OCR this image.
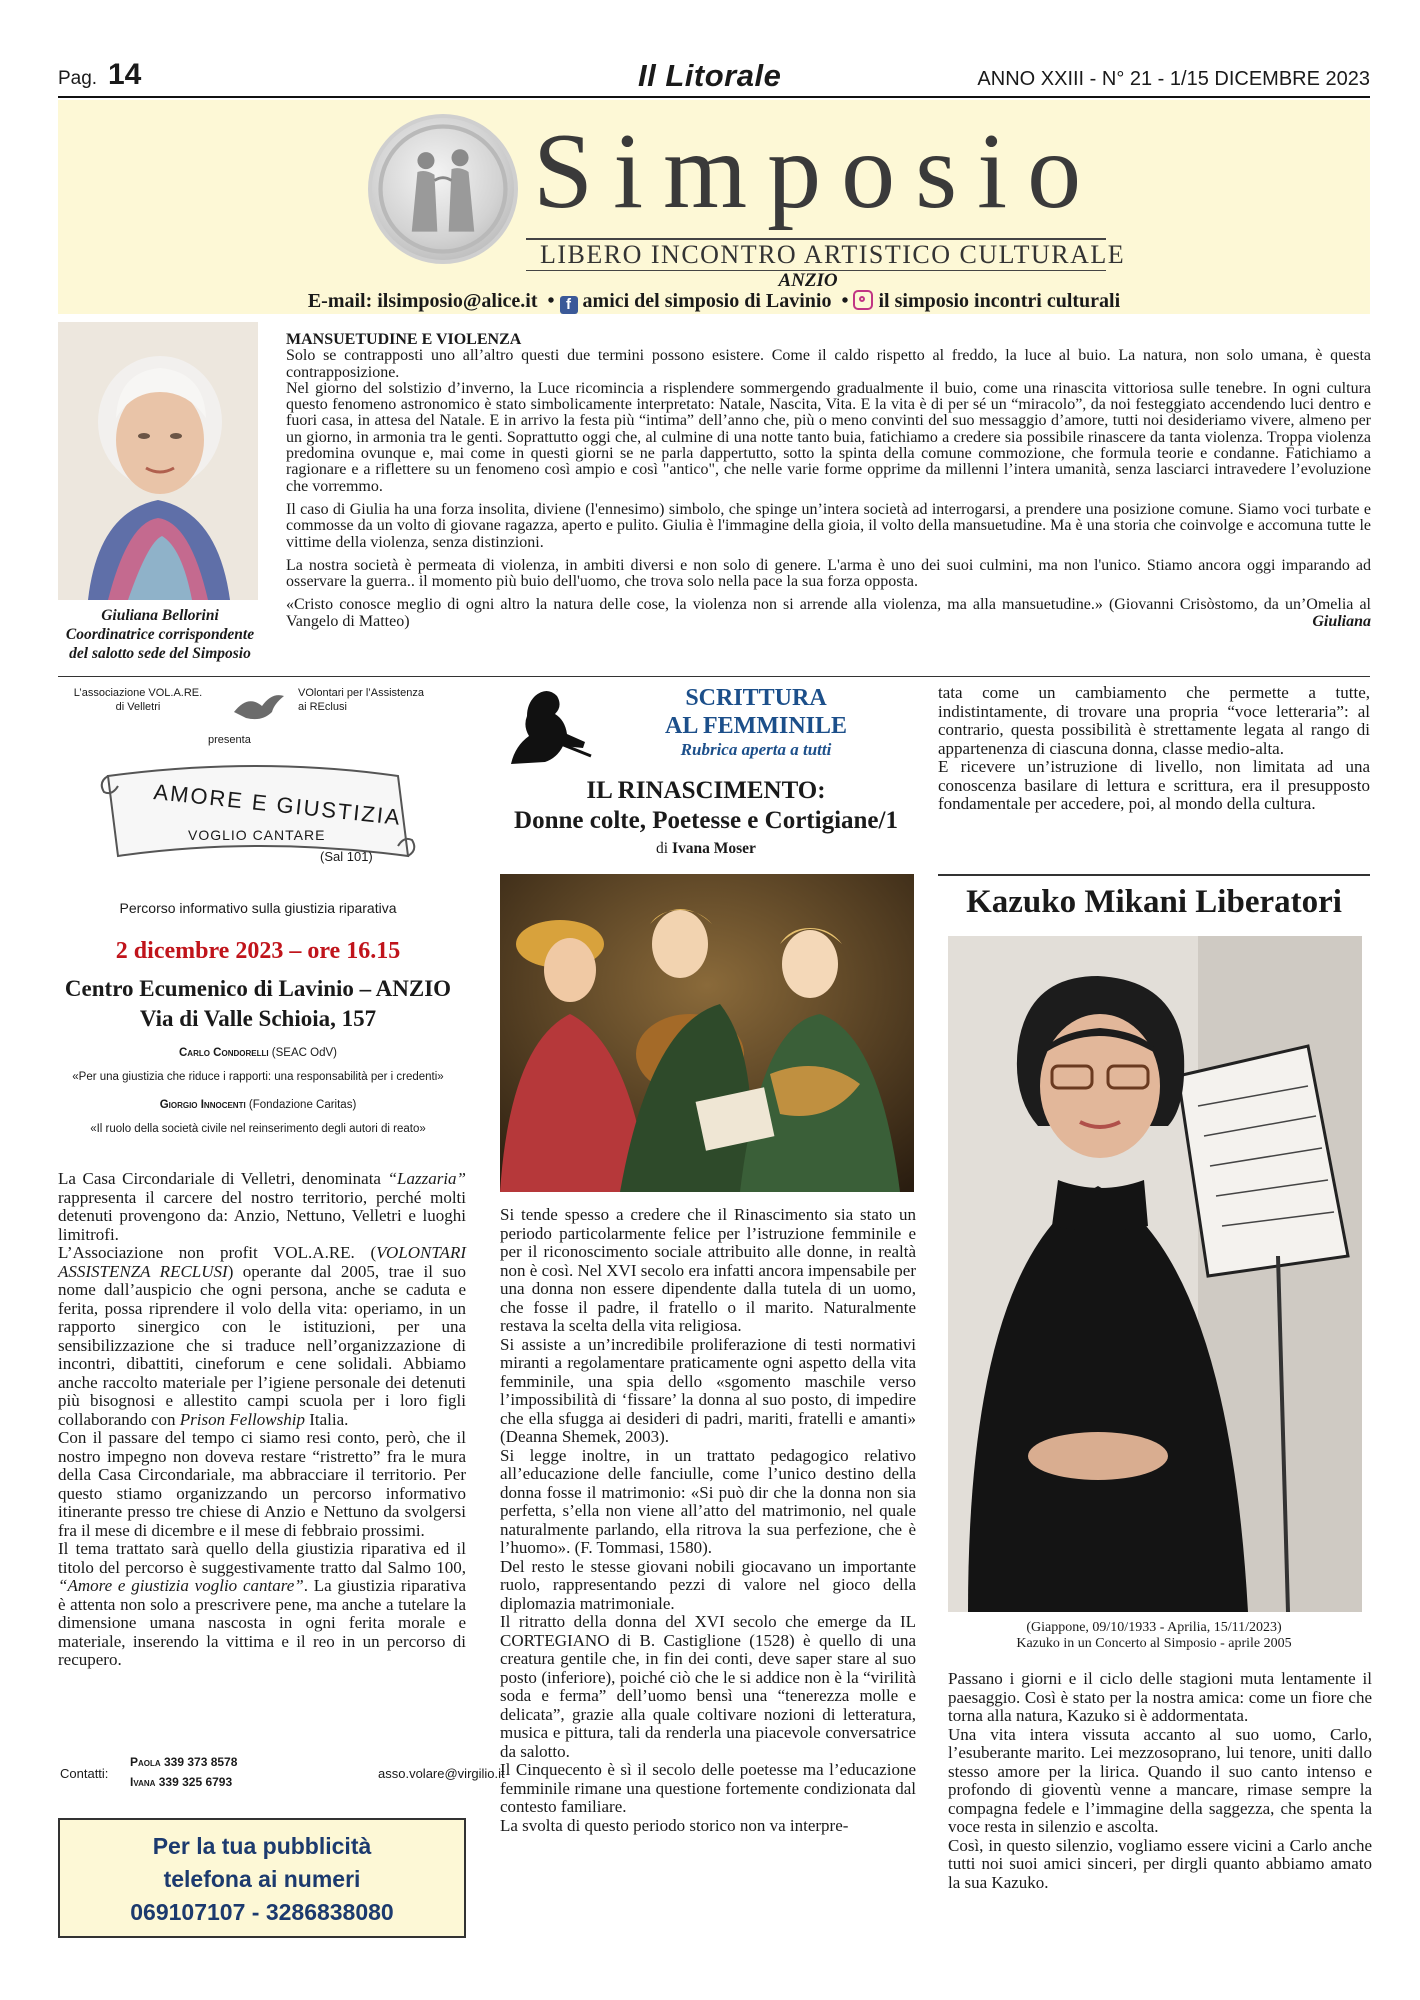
Pag. 14	Il Litorale	ANNO XXIII - N° 21 - 1/15 DICEMBRE 2023
Simposio
LIBERO INCONTRO ARTISTICO CULTURALE
ANZIO
E-mail: ilsimposio@alice.it  • f amici del simposio di Lavinio  •  il simposio incontri culturali
Giuliana Bellorini
Coordinatrice corrispondente
del salotto sede del Simposio
MANSUETUDINE E VIOLENZA

Solo se contrapposti uno all’altro questi due termini possono esistere. Come il caldo rispetto al freddo, la luce al buio. La natura, non solo umana, è questa contrapposizione.

Nel giorno del solstizio d’inverno, la Luce ricomincia a risplendere sommergendo gradualmente il buio, come una rinascita vittoriosa sulle tenebre. In ogni cultura questo fenomeno astronomico è stato simbolicamente interpretato: Natale, Nascita, Vita. E la vita è di per sé un “miracolo”, da noi festeggiato accendendo luci dentro e fuori casa, in attesa del Natale. E in arrivo la festa più “intima” dell’anno che, più o meno convinti del suo messaggio d’amore, tutti noi desideriamo vivere, almeno per un giorno, in armonia tra le genti. Soprattutto oggi che, al culmine di una notte tanto buia, fatichiamo a credere sia possibile rinascere da tanta violenza. Troppa violenza predomina ovunque e, mai come in questi giorni se ne parla dappertutto, sotto la spinta della comune commozione, che formula teorie e condanne. Fatichiamo a ragionare e a riflettere su un fenomeno così ampio e così "antico", che nelle varie forme opprime da millenni l’intera umanità, senza lasciarci intravedere l’evoluzione che vorremmo.

Il caso di Giulia ha una forza insolita, diviene (l'ennesimo) simbolo, che spinge un’intera società ad interrogarsi, a prendere una posizione comune. Siamo voci turbate e commosse da un volto di giovane ragazza, aperto e pulito. Giulia è l'immagine della gioia, il volto della mansuetudine. Ma è una storia che coinvolge e accomuna tutte le vittime della violenza, senza distinzioni.

La nostra società è permeata di violenza, in ambiti diversi e non solo di genere. L'arma è uno dei suoi culmini, ma non l'unico. Stiamo ancora oggi imparando ad osservare la guerra.. il momento più buio dell'uomo, che trova solo nella pace la sua forza opposta.

«Cristo conosce meglio di ogni altro la natura delle cose, la violenza non si arrende alla violenza, ma alla mansuetudine.» (Giovanni Crisòstomo, da un’Omelia al Vangelo di Matteo)	Giuliana
L’associazione VOL.A.RE.
di Velletri
VOlontari per l’Assistenza
ai REclusi
presenta
AMORE E GIUSTIZIA
VOGLIO CANTARE
(Sal 101)
Percorso informativo sulla giustizia riparativa
2 dicembre 2023 – ore 16.15
Centro Ecumenico di Lavinio – ANZIO
Via di Valle Schioia, 157
Carlo Condorelli (SEAC OdV)
«Per una giustizia che riduce i rapporti: una responsabilità per i credenti»
Giorgio Innocenti (Fondazione Caritas)
«Il ruolo della società civile nel reinserimento degli autori di reato»

La Casa Circondariale di Velletri, denominata “Lazzaria” rappresenta il carcere del nostro territorio, perché molti detenuti provengono da: Anzio, Nettuno, Velletri e luoghi limitrofi.

L’Associazione non profit VOL.A.RE. (VOLONTARI ASSISTENZA RECLUSI) operante dal 2005, trae il suo nome dall’auspicio che ogni persona, anche se caduta e ferita, possa riprendere il volo della vita: operiamo, in un rapporto sinergico con le istituzioni, per una sensibilizzazione che si traduce nell’organizzazione di incontri, dibattiti, cineforum e cene solidali. Abbiamo anche raccolto materiale per l’igiene personale dei detenuti più bisognosi e allestito campi scuola per i loro figli collaborando con Prison Fellowship Italia.

Con il passare del tempo ci siamo resi conto, però, che il nostro impegno non doveva restare “ristretto” fra le mura della Casa Circondariale, ma abbracciare il territorio. Per questo stiamo organizzando un percorso informativo itinerante presso tre chiese di Anzio e Nettuno da svolgersi fra il mese di dicembre e il mese di febbraio prossimi.

Il tema trattato sarà quello della giustizia riparativa ed il titolo del percorso è suggestivamente tratto dal Salmo 100, “Amore e giustizia voglio cantare”. La giustizia riparativa è attenta non solo a prescrivere pene, ma anche a tutelare la dimensione umana nascosta in ogni ferita morale e materiale, inserendo la vittima e il reo in un percorso di recupero.

Contatti:
Paola 339 373 8578
Ivana 339 325 6793
asso.volare@virgilio.it
Per la tua pubblicità
telefona ai numeri
069107107 - 3286838080
SCRITTURA
AL FEMMINILE
Rubrica aperta a tutti
IL RINASCIMENTO:
Donne colte, Poetesse e Cortigiane/1
di Ivana Moser

Si tende spesso a credere che il Rinascimento sia stato un periodo particolarmente felice per l’istruzione femminile e per il riconoscimento sociale attribuito alle donne, in realtà non è così. Nel XVI secolo era infatti ancora impensabile per una donna non essere dipendente dalla tutela di un uomo, che fosse il padre, il fratello o il marito. Naturalmente restava la scelta della vita religiosa.

Si assiste a un’incredibile proliferazione di testi normativi miranti a regolamentare praticamente ogni aspetto della vita femminile, una spia dello «sgomento maschile verso l’impossibilità di ‘fissare’ la donna al suo posto, di impedire che ella sfugga ai desideri di padri, mariti, fratelli e amanti» (Deanna Shemek, 2003).

Si legge inoltre, in un trattato pedagogico relativo all’educazione delle fanciulle, come l’unico destino della donna fosse il matrimonio: «Si può dir che la donna non sia perfetta, s’ella non viene all’atto del matrimonio, nel quale naturalmente parlando, ella ritrova la sua perfezione, che è l’huomo». (F. Tommasi, 1580).

Del resto le stesse giovani nobili giocavano un importante ruolo, rappresentando pezzi di valore nel gioco della diplomazia matrimoniale.

Il ritratto della donna del XVI secolo che emerge da IL CORTEGIANO di B. Castiglione (1528) è quello di una creatura gentile che, in fin dei conti, deve saper stare al suo posto (inferiore), poiché ciò che le si addice non è la “virilità soda e ferma” dell’uomo bensì una “tenerezza molle e delicata”, grazie alla quale coltivare nozioni di letteratura, musica e pittura, tali da renderla una piacevole conversatrice da salotto.

Il Cinquecento è sì il secolo delle poetesse ma l’educazione femminile rimane una questione fortemente condizionata dal contesto familiare.

La svolta di questo periodo storico non va interpre-

tata come un cambiamento che permette a tutte, indistintamente, di trovare una propria “voce letteraria”: al contrario, questa possibilità è strettamente legata al rango di appartenenza di ciascuna donna, classe medio-alta.

E ricevere un’istruzione di livello, non limitata ad una conoscenza basilare di lettura e scrittura, era il presupposto fondamentale per accedere, poi, al mondo della cultura.

Kazuko Mikani Liberatori
(Giappone, 09/10/1933 - Aprilia, 15/11/2023)
Kazuko in un Concerto al Simposio - aprile 2005

Passano i giorni e il ciclo delle stagioni muta lentamente il paesaggio. Così è stato per la nostra amica: come un fiore che torna alla natura, Kazuko si è addormentata.

Una vita intera vissuta accanto al suo uomo, Carlo, l’esuberante marito. Lei mezzosoprano, lui tenore, uniti dallo stesso amore per la lirica. Quando il suo canto intenso e profondo di gioventù venne a mancare, rimase sempre la compagna fedele e l’immagine della saggezza, che spenta la voce resta in silenzio e ascolta.

Così, in questo silenzio, vogliamo essere vicini a Carlo anche tutti noi suoi amici sinceri, per dirgli quanto abbiamo amato la sua Kazuko.
